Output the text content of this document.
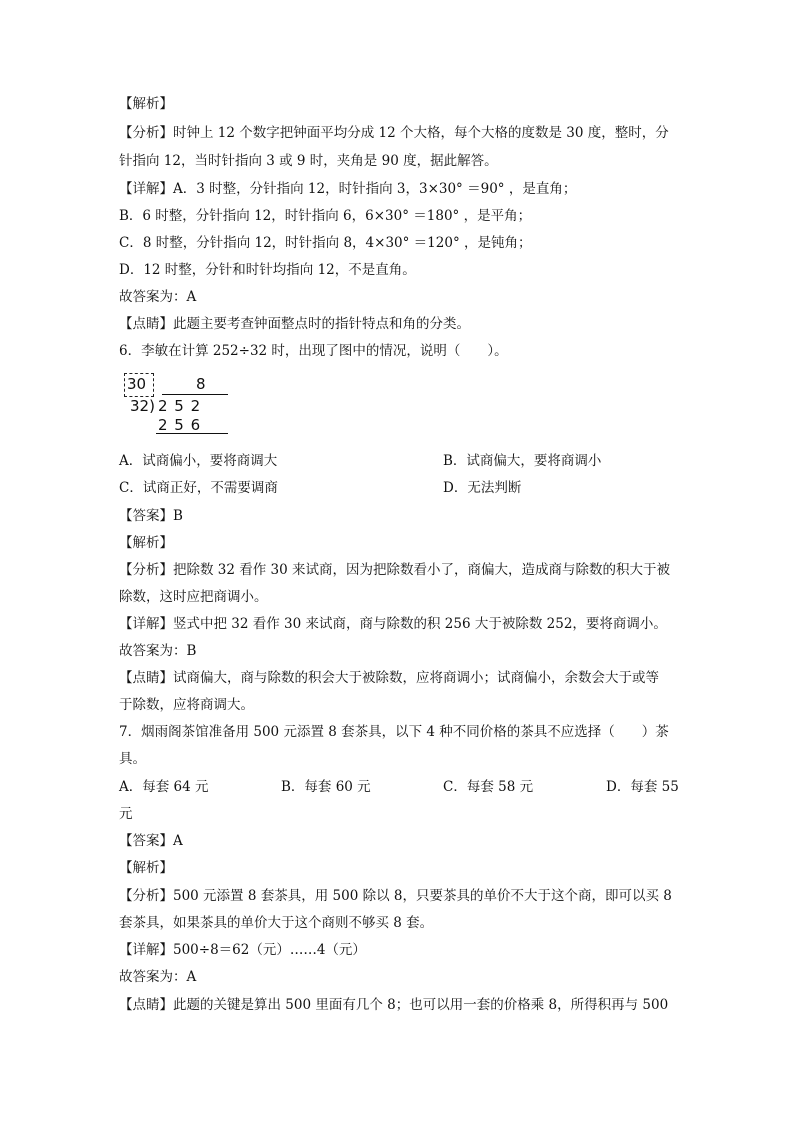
【解析】
【分析】时钟上 12 个数字把钟面平均分成 12 个大格，每个大格的度数是 30 度，整时，分
针指向 12，当时针指向 3 或 9 时，夹角是 90 度，据此解答。
【详解】A．3 时整，分针指向 12，时针指向 3，3×30° ＝90° ，是直角；
B．6 时整，分针指向 12，时针指向 6，6×30° ＝180° ，是平角；
C．8 时整，分针指向 12，时针指向 8，4×30° ＝120° ，是钝角；
D．12 时整，分针和时针均指向 12，不是直角。
故答案为：A
【点睛】此题主要考查钟面整点时的指针特点和角的分类。
6．李敏在计算 252÷32 时，出现了图中的情况，说明（　　）。
30	8
32) 2 5 2
2 5 6
A．试商偏小，要将商调大	B．试商偏大，要将商调小
C．试商正好，不需要调商	D．无法判断
【答案】B
【解析】
【分析】把除数 32 看作 30 来试商，因为把除数看小了，商偏大，造成商与除数的积大于被
除数，这时应把商调小。
【详解】竖式中把 32 看作 30 来试商，商与除数的积 256 大于被除数 252，要将商调小。
故答案为：B
【点睛】试商偏大，商与除数的积会大于被除数，应将商调小；试商偏小，余数会大于或等
于除数，应将商调大。
7．烟雨阁茶馆准备用 500 元添置 8 套茶具，以下 4 种不同价格的茶具不应选择（　　）茶
具。
A．每套 64 元	B．每套 60 元	C．每套 58 元	D．每套 55
元
【答案】A
【解析】
【分析】500 元添置 8 套茶具，用 500 除以 8，只要茶具的单价不大于这个商，即可以买 8
套茶具，如果茶具的单价大于这个商则不够买 8 套。
【详解】500÷8＝62（元）……4（元）
故答案为：A
【点睛】此题的关键是算出 500 里面有几个 8；也可以用一套的价格乘 8，所得积再与 500
